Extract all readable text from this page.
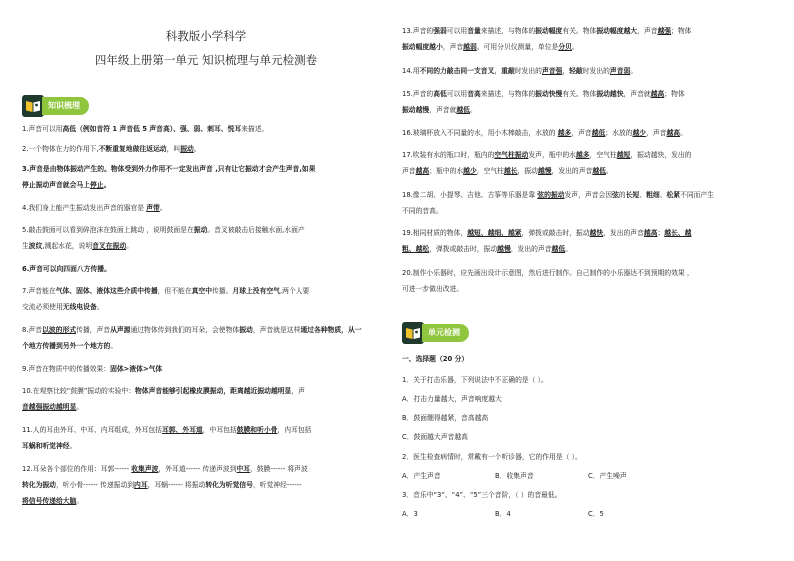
科教版小学科学
四年级上册第一单元 知识梳理与单元检测卷
知识梳理
1.声音可以用高低（例如音符 1 声音低 5 声音高）、强、弱、刺耳、悦耳来描述。
2.一个物体在力的作用下,不断重复地做往返运动，叫振动。
3.声音是由物体振动产生的。物体受到外力作用不一定发出声音 ,只有让它振动才会产生声音,如果
停止振动声音就会马上停止。
4.我们身上能产生振动发出声音的器官是 声带。
5.敲击鼓面可以看到碎泡沫在鼓面上跳动 ，说明鼓面是在振动。音叉被敲击后接触水面,水面产
生波纹,溅起水花，说明音叉在振动。
6.声音可以向四面八方传播。
7.声音能在气体、固体、液体这些介质中传播，但不能在真空中传播。月球上没有空气,两个人要
交流必须使用无线电设备。
8.声音以波的形式传播，声音从声源通过物体传到我们的耳朵，会使物体振动，声音就是这样通过各种物质，从一
个地方传播到另外一个地方的。
9.声音在物质中的传播效果：固体>液体>气体
10.在观察比较“鼓膜”振动的实验中：物体声音能够引起橡皮膜振动，距离越近振动越明显，声
音越强振动越明显。
11.人的耳由外耳、中耳、内耳组成，外耳包括耳郭、外耳道，中耳包括鼓膜和听小骨，内耳包括
耳蜗和听觉神经。
12.耳朵各个部位的作用：耳郭------ 收集声波，外耳道------ 传递声波到中耳，鼓膜------ 将声波
转化为振动，听小骨------ 传递振动到内耳，耳蜗------ 将振动转化为听觉信号，听觉神经------
将信号传递给大脑。
13.声音的强弱可以用音量来描述，与物体的振动幅度有关。物体振动幅度越大，声音越强；物体
振动幅度越小，声音越弱。可用分贝仪测量，单位是分贝。
14.用不同的力敲击同一支音叉，重敲时发出的声音强，轻敲时发出的声音弱。
15.声音的高低可以用音高来描述，与物体的振动快慢有关。物体振动越快，声音就越高；物体
振动越慢，声音就越低。
16.玻璃杯放入不同量的水，用小木棒敲击，水放的 越多，声音越低；水放的越少，声音越高。
17.吹装有水的瓶口时，瓶内的空气柱振动发声，瓶中的水越多，空气柱越短，振动越快，发出的
声音越高；瓶中的水越少，空气柱越长，振动越慢，发出的声音越低。
18.像二胡、小提琴、吉他、古筝等乐器是靠 弦的振动发声，声音会因弦的长短、粗细、松紧不同而产生
不同的音高。
19.相同材质的物体，越短、越细、越紧，弹拨或敲击时，振动越快，发出的声音越高；越长、越
粗、越松，弹拨或敲击时，振动越慢，发出的声音越低。
20.制作小乐器时，应先画出设计示意图，然后进行制作。自己制作的小乐器达不到预期的效果 ，
可进一步做出改进。
单元检测
一、选择题（20 分）
1．关于打击乐器，下列说法中不正确的是（ ）。
A．打击力量越大，声音响度越大
B．鼓面绷得越紧，音高越高
C．鼓面越大声音越高
2．医生检查病情时，常戴有一个听诊器，它的作用是（ ）。
A．产生声音	B．收集声音	C．产生噪声
3．音乐中“3”、“4”、“5”三个音阶，（ ）的音最低。
A．3	B．4	C．5
